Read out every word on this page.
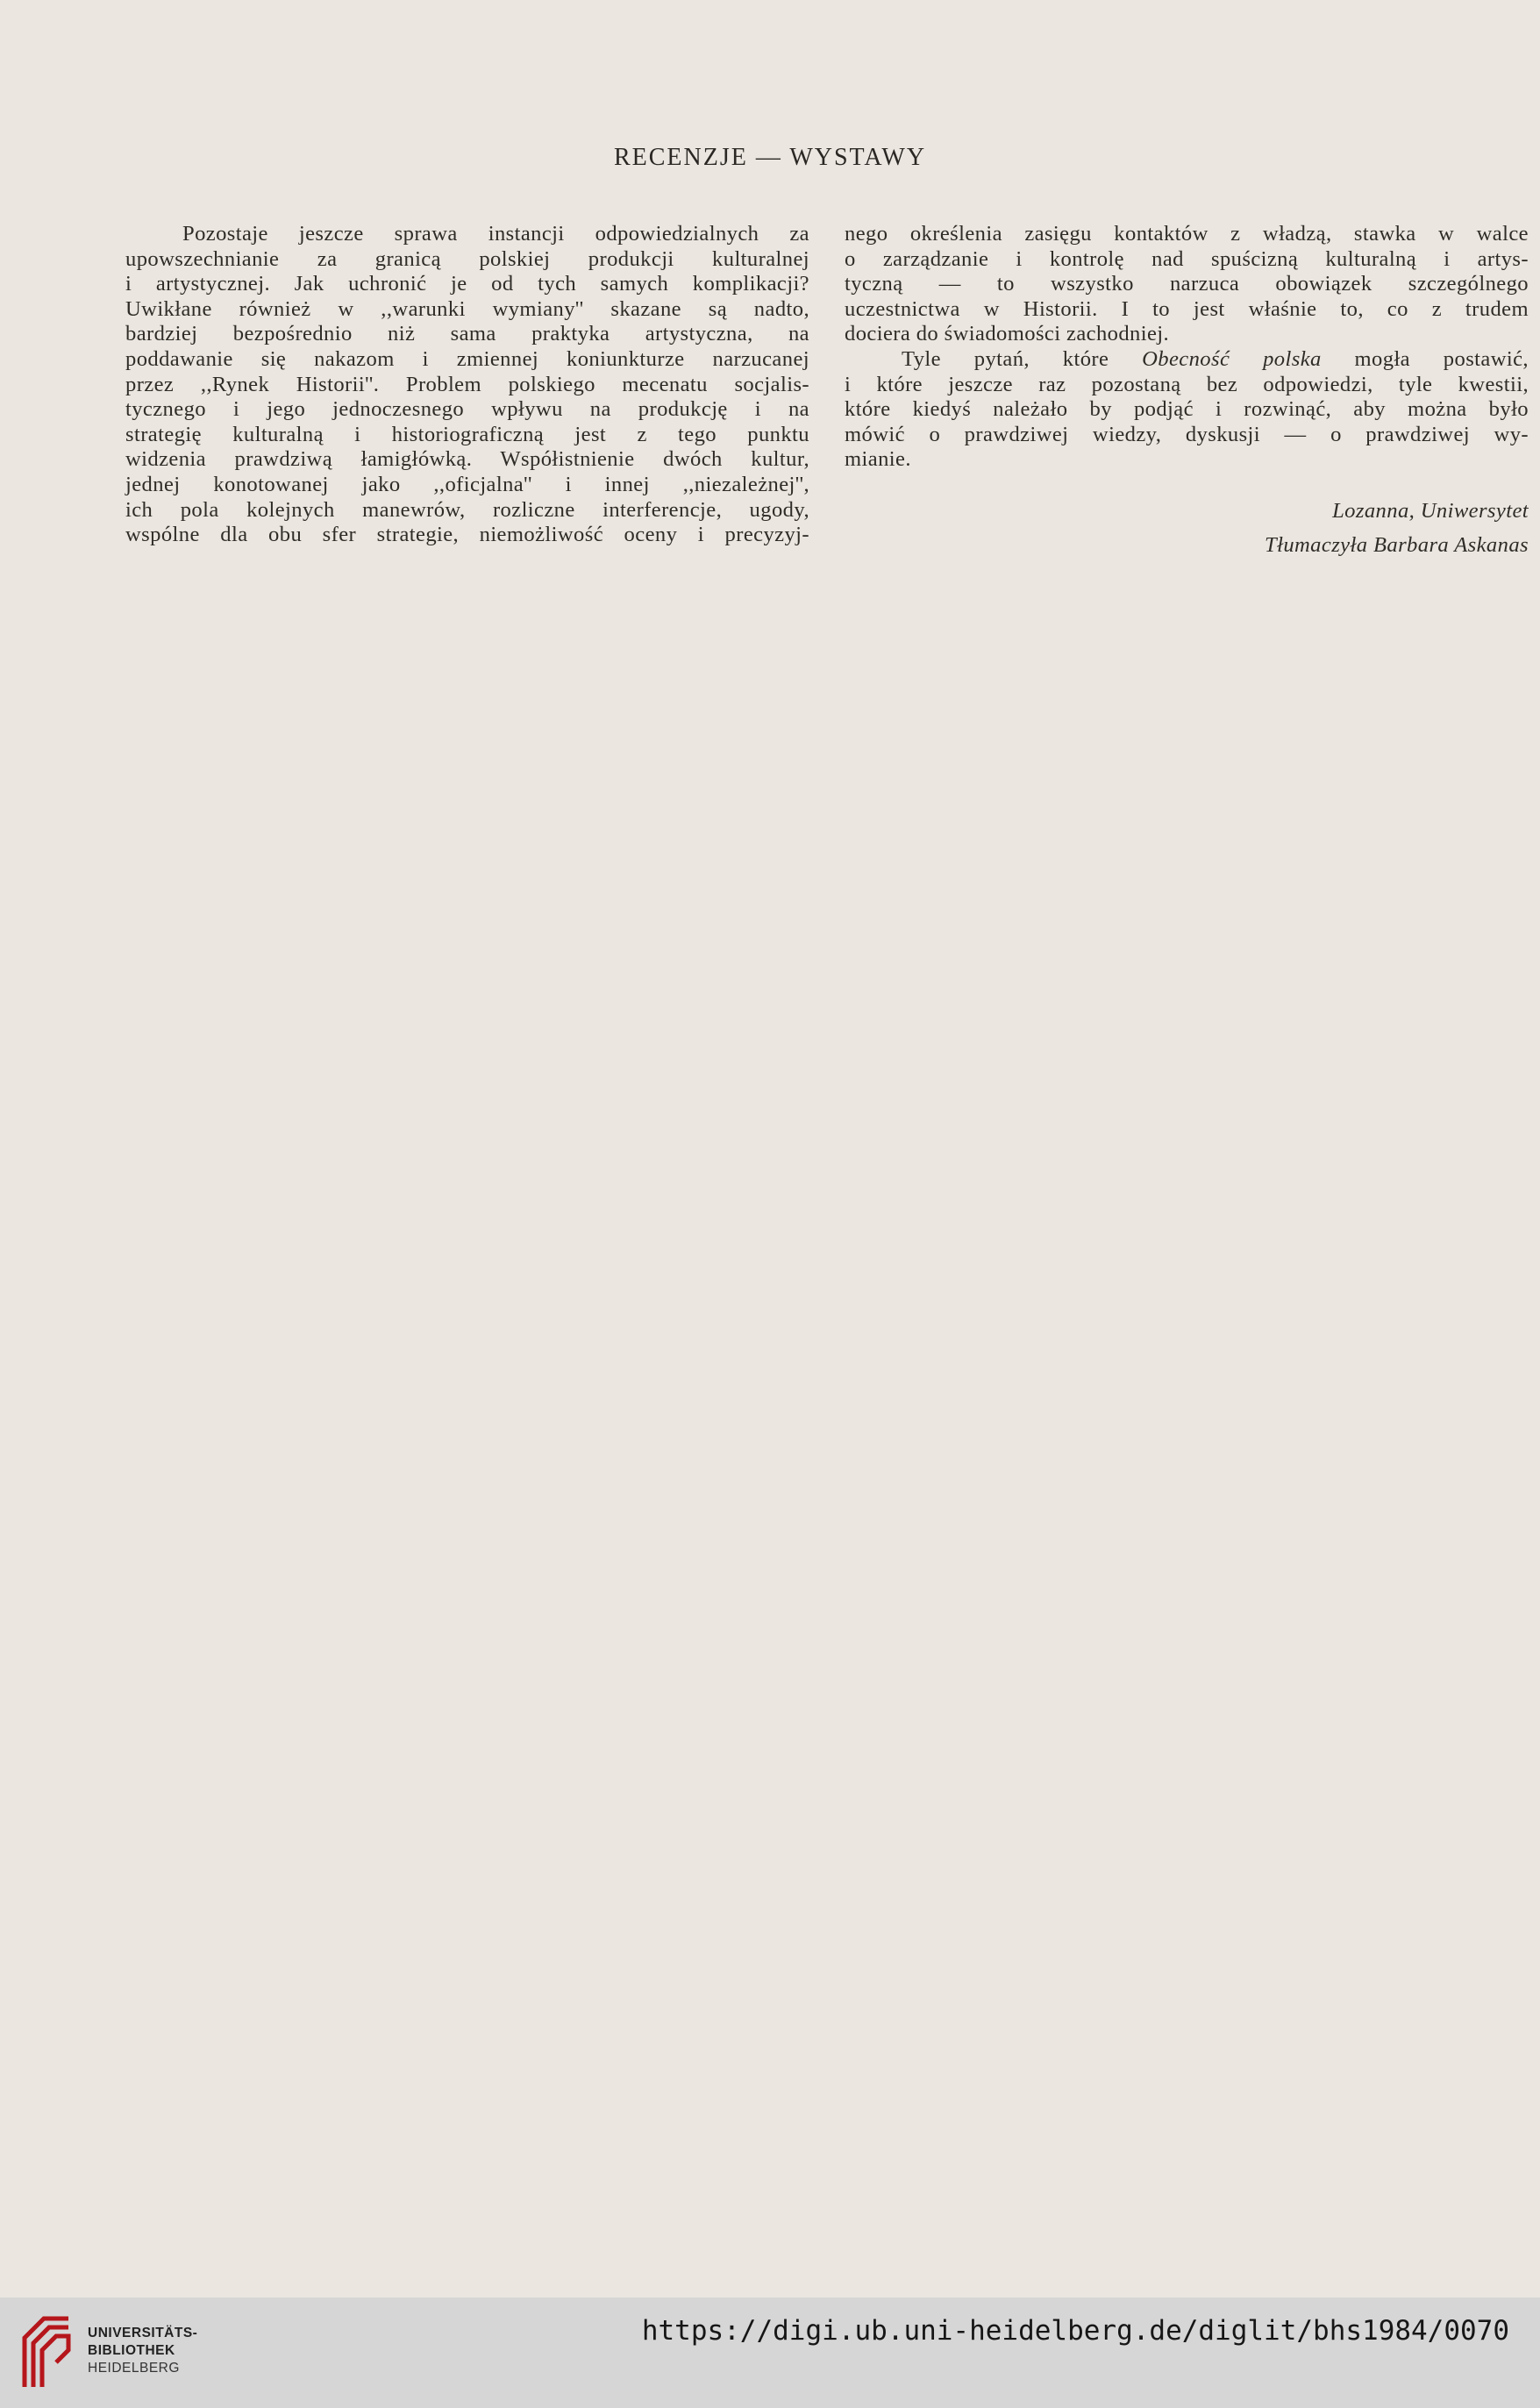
RECENZJE — WYSTAWY
Pozostaje jeszcze sprawa instancji odpowiedzialnych za
upowszechnianie za granicą polskiej produkcji kulturalnej
i artystycznej. Jak uchronić je od tych samych komplikacji?
Uwikłane również w ,,warunki wymiany'' skazane są nadto,
bardziej bezpośrednio niż sama praktyka artystyczna, na
poddawanie się nakazom i zmiennej koniunkturze narzucanej
przez ,,Rynek Historii''. Problem polskiego mecenatu socjalis-
tycznego i jego jednoczesnego wpływu na produkcję i na
strategię kulturalną i historiograficzną jest z tego punktu
widzenia prawdziwą łamigłówką. Współistnienie dwóch kultur,
jednej konotowanej jako ,,oficjalna'' i innej ,,niezależnej'',
ich pola kolejnych manewrów, rozliczne interferencje, ugody,
wspólne dla obu sfer strategie, niemożliwość oceny i precyzyj-
nego określenia zasięgu kontaktów z władzą, stawka w walce
o zarządzanie i kontrolę nad spuścizną kulturalną i artys-
tyczną — to wszystko narzuca obowiązek szczególnego
uczestnictwa w Historii. I to jest właśnie to, co z trudem
dociera do świadomości zachodniej.
Tyle pytań, które Obecność polska mogła postawić,
i które jeszcze raz pozostaną bez odpowiedzi, tyle kwestii,
które kiedyś należało by podjąć i rozwinąć, aby można było
mówić o prawdziwej wiedzy, dyskusji — o prawdziwej wy-
mianie.
Lozanna, Uniwersytet
Tłumaczyła Barbara Askanas
UNIVERSITÄTS-
BIBLIOTHEK
HEIDELBERG
https://digi.ub.uni-heidelberg.de/diglit/bhs1984/0070
